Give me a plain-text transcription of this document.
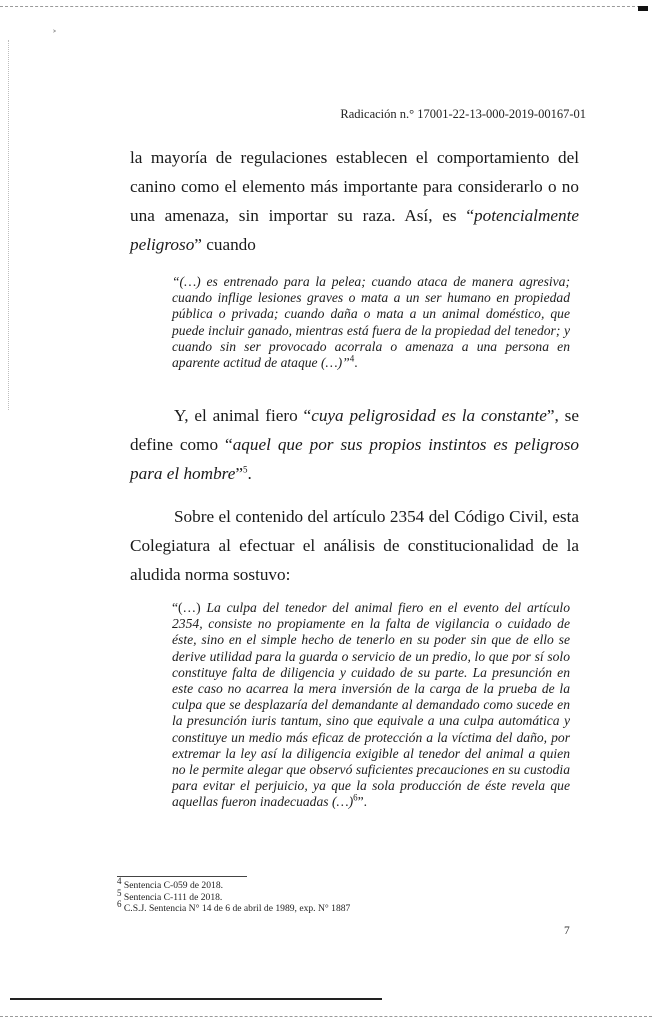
˃
Radicación n.° 17001-22-13-000-2019-00167-01

la mayoría de regulaciones establecen el comportamiento del canino como el elemento más importante para considerarlo o no una amenaza, sin importar su raza. Así, es “potencialmente peligroso” cuando

“(…) es entrenado para la pelea; cuando ataca de manera agresiva; cuando inflige lesiones graves o mata a un ser humano en propiedad pública o privada; cuando daña o mata a un animal doméstico, que puede incluir ganado, mientras está fuera de la propiedad del tenedor; y cuando sin ser provocado acorrala o amenaza a una persona en aparente actitud de ataque (…)”$^4$.

Y, el animal fiero “cuya peligrosidad es la constante”, se define como “aquel que por sus propios instintos es peligroso para el hombre”$^5$.

Sobre el contenido del artículo 2354 del Código Civil, esta Colegiatura al efectuar el análisis de constitucionalidad de la aludida norma sostuvo:

“(…) La culpa del tenedor del animal fiero en el evento del artículo 2354, consiste no propiamente en la falta de vigilancia o cuidado de éste, sino en el simple hecho de tenerlo en su poder sin que de ello se derive utilidad para la guarda o servicio de un predio, lo que por sí solo constituye falta de diligencia y cuidado de su parte. La presunción en este caso no acarrea la mera inversión de la carga de la prueba de la culpa que se desplazaría del demandante al demandado como sucede en la presunción iuris tantum, sino que equivale a una culpa automática y constituye un medio más eficaz de protección a la víctima del daño, por extremar la ley así la diligencia exigible al tenedor del animal a quien no le permite alegar que observó suficientes precauciones en su custodia para evitar el perjuicio, ya que la sola producción de éste revela que aquellas fueron inadecuadas (…)$^6$”.

$^4$ Sentencia C-059 de 2018.
$^5$ Sentencia C-111 de 2018.
$^6$ C.S.J. Sentencia N° 14 de 6 de abril de 1989, exp. N° 1887
7
